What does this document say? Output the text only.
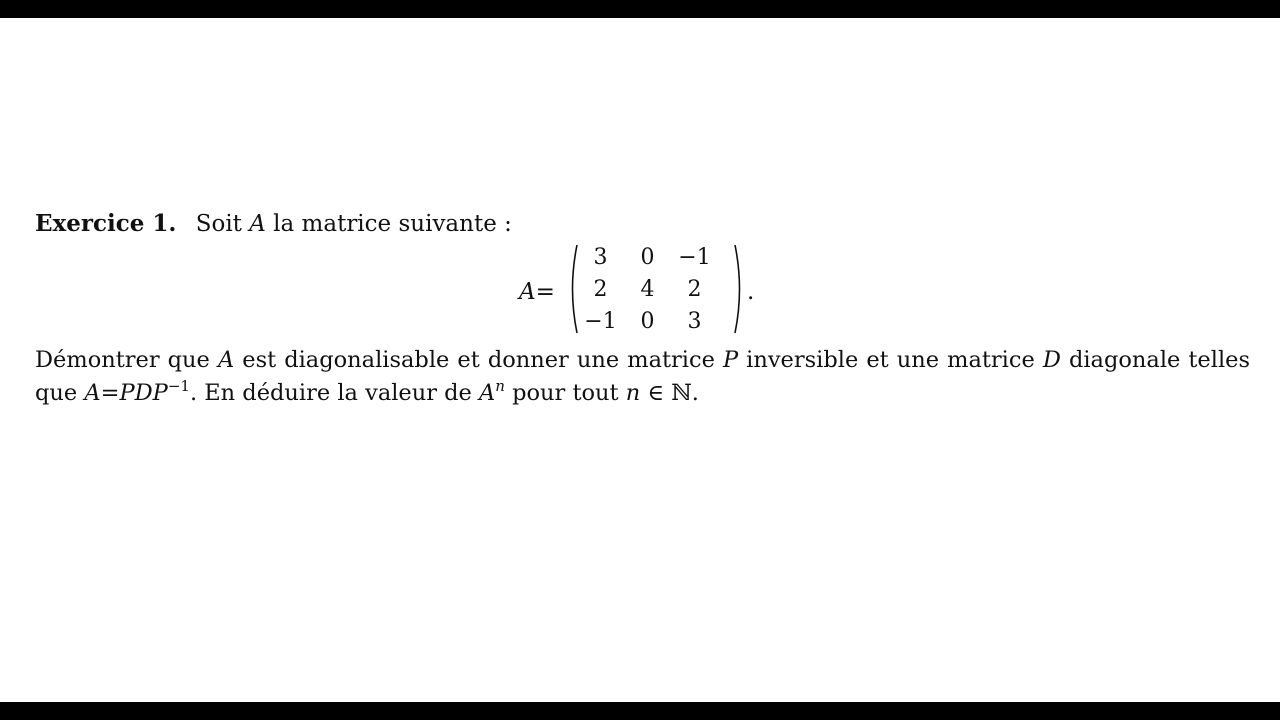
Exercice 1. Soit A la matrice suivante :
A=
3	0	−1
2	4	2
−1	0	3
.

Démontrer que A est diagonalisable et donner une matrice P inversible et une matrice D diagonale telles que $A=PDP^{-1}$. En déduire la valeur de $A^n$ pour tout n ∈ ℕ.
